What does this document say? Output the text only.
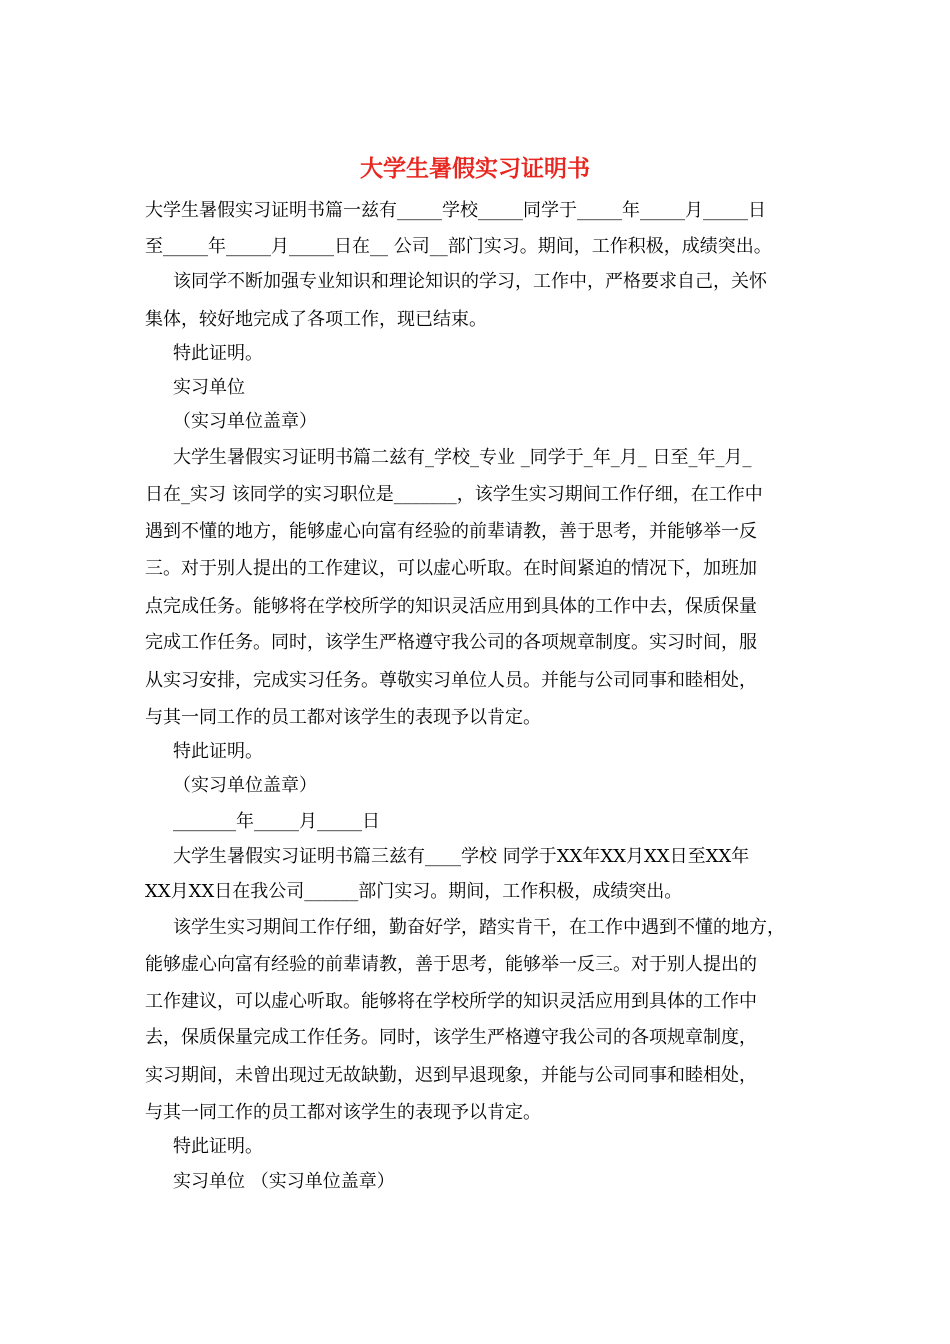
大学生暑假实习证明书
大学生暑假实习证明书篇一兹有_____学校_____同学于_____年_____月_____日
至_____年_____月_____日在__ 公司__部门实习。期间，工作积极，成绩突出。
该同学不断加强专业知识和理论知识的学习，工作中，严格要求自己，关怀
集体，较好地完成了各项工作，现已结束。
特此证明。
实习单位
（实习单位盖章）
大学生暑假实习证明书篇二兹有_学校_专业 _同学于_年_月_ 日至_年_月_
日在_实习 该同学的实习职位是_______，该学生实习期间工作仔细，在工作中
遇到不懂的地方，能够虚心向富有经验的前辈请教，善于思考，并能够举一反
三。对于别人提出的工作建议，可以虚心听取。在时间紧迫的情况下，加班加
点完成任务。能够将在学校所学的知识灵活应用到具体的工作中去，保质保量
完成工作任务。同时，该学生严格遵守我公司的各项规章制度。实习时间，服
从实习安排，完成实习任务。尊敬实习单位人员。并能与公司同事和睦相处，
与其一同工作的员工都对该学生的表现予以肯定。
特此证明。
（实习单位盖章）
_______年_____月_____日
大学生暑假实习证明书篇三兹有____学校 同学于XX年XX月XX日至XX年
XX月XX日在我公司______部门实习。期间，工作积极，成绩突出。
该学生实习期间工作仔细，勤奋好学，踏实肯干，在工作中遇到不懂的地方，
能够虚心向富有经验的前辈请教，善于思考，能够举一反三。对于别人提出的
工作建议，可以虚心听取。能够将在学校所学的知识灵活应用到具体的工作中
去，保质保量完成工作任务。同时，该学生严格遵守我公司的各项规章制度，
实习期间，未曾出现过无故缺勤，迟到早退现象，并能与公司同事和睦相处，
与其一同工作的员工都对该学生的表现予以肯定。
特此证明。
实习单位 （实习单位盖章）
